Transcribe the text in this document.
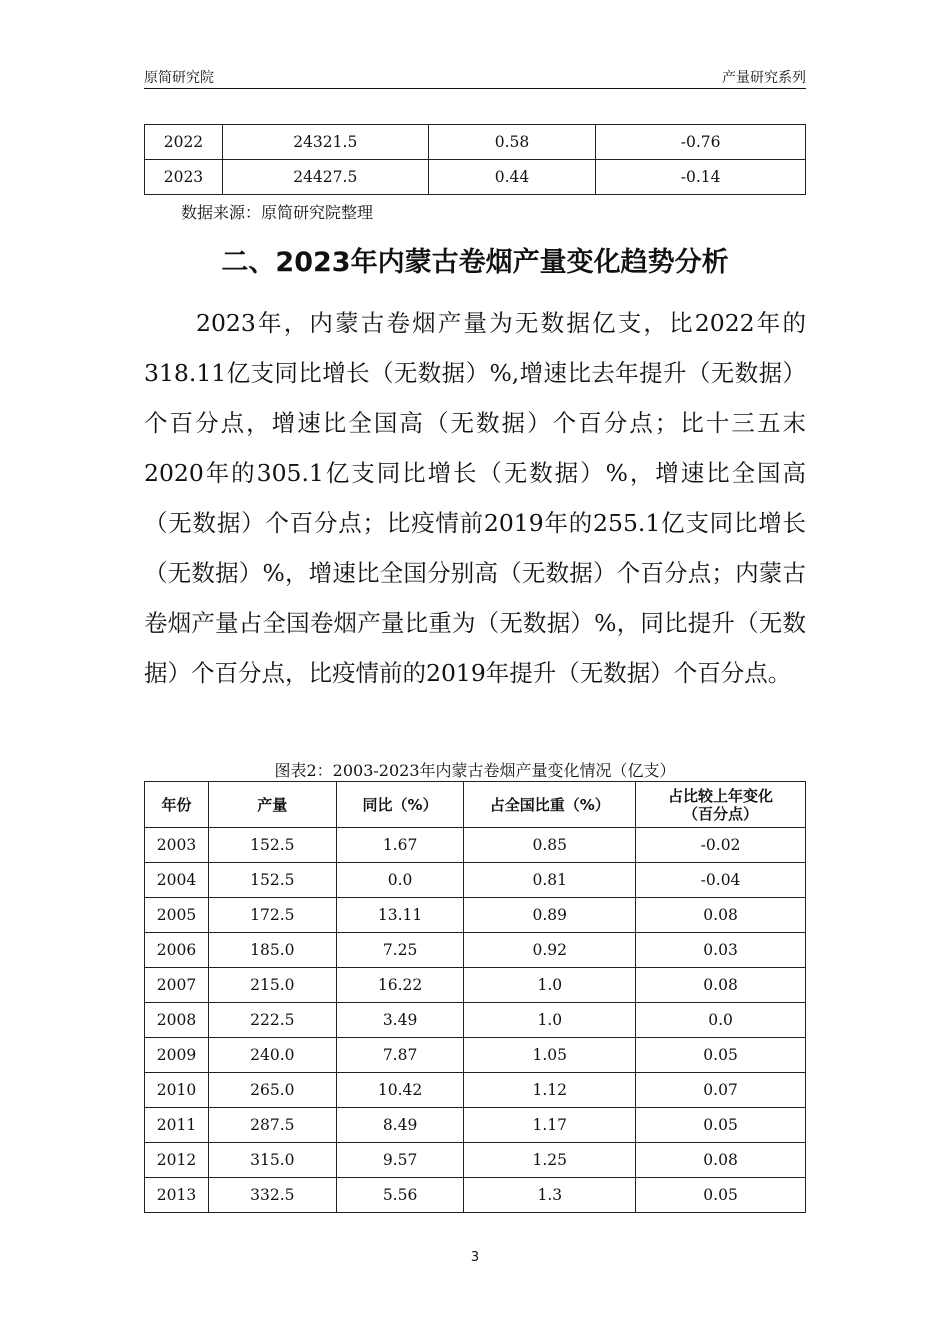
原简研究院	产量研究系列
2022	24321.5	0.58	-0.76
2023	24427.5	0.44	-0.14
数据来源：原简研究院整理
二、2023年内蒙古卷烟产量变化趋势分析
2023年，内蒙古卷烟产量为无数据亿支，比2022年的318.11亿支同比增长（无数据）%,增速比去年提升（无数据）个百分点，增速比全国高（无数据）个百分点；比十三五末2020年的305.1亿支同比增长（无数据）%，增速比全国高（无数据）个百分点；比疫情前2019年的255.1亿支同比增长（无数据）%，增速比全国分别高（无数据）个百分点；内蒙古卷烟产量占全国卷烟产量比重为（无数据）%，同比提升（无数据）个百分点，比疫情前的2019年提升（无数据）个百分点。
图表2：2003-2023年内蒙古卷烟产量变化情况（亿支）
年份	产量	同比（%）	占全国比重（%）	占比较上年变化（百分点）

2003	152.5	1.67	0.85	-0.02
2004	152.5	0.0	0.81	-0.04
2005	172.5	13.11	0.89	0.08
2006	185.0	7.25	0.92	0.03
2007	215.0	16.22	1.0	0.08
2008	222.5	3.49	1.0	0.0
2009	240.0	7.87	1.05	0.05
2010	265.0	10.42	1.12	0.07
2011	287.5	8.49	1.17	0.05
2012	315.0	9.57	1.25	0.08
2013	332.5	5.56	1.3	0.05
3
